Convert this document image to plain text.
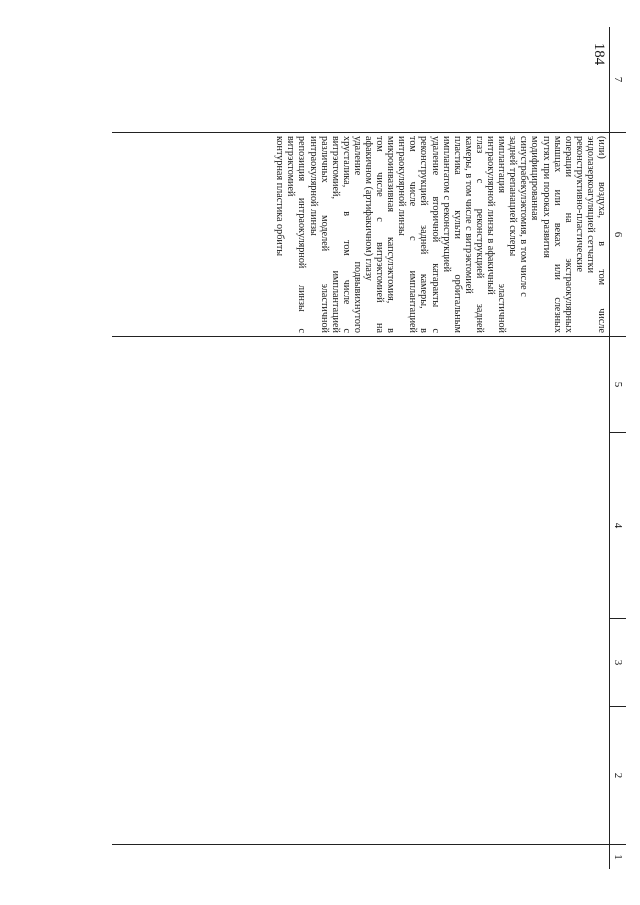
184
7
6
5
4
3
2
1
(или) воздуха, в том числе
эндолазеркоагуляцией сетчатки
реконструктивно-пластические
операции на экстраокулярных
мышцах или веках или слезных
путях при пороках развития
модифицированная
синустрабекулэктомия, в том числе с
задней трепанацией склеры
имплантация эластичной
интраокулярной линзы в афакичный
глаз с реконструкцией задней
камеры, в том числе с витрэктомией
пластика культи орбитальным
имплантатом с реконструкцией
удаление вторичной катаракты с
реконструкцией задней камеры, в
том числе с имплантацией
интраокулярной линзы
микроинвазивная капсулэктомия, в
том числе с витрэктомией на
афакичном (артифакичном) глазу
удаление подвывихнутого
хрусталика, в том числе с
витрэктомией, имплантацией
различных моделей эластичной
интраокулярной линзы
репозиция интраокулярной линзы с
витрэктомией
контурная пластика орбиты
